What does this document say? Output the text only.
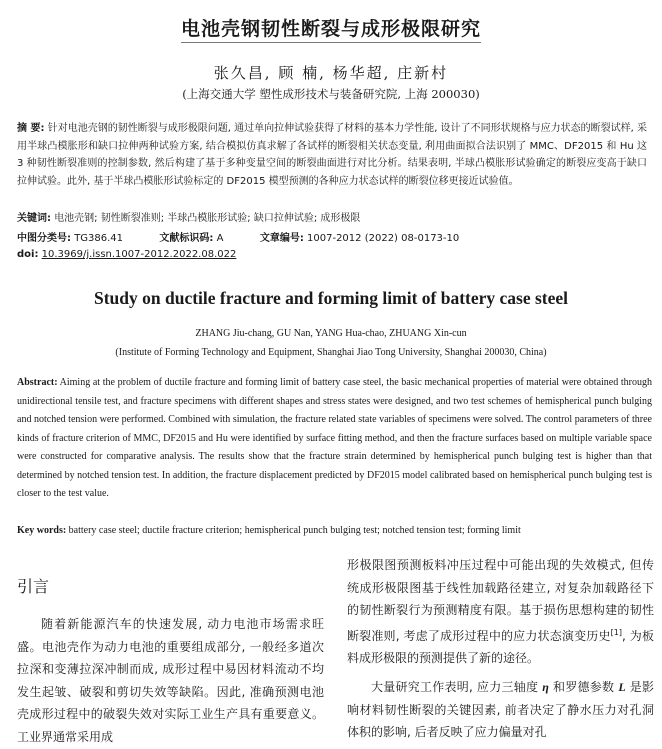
电池壳钢韧性断裂与成形极限研究
张久昌, 顾 楠, 杨华超, 庄新村
(上海交通大学 塑性成形技术与装备研究院, 上海 200030)
摘 要: 针对电池壳钢的韧性断裂与成形极限问题, 通过单向拉伸试验获得了材料的基本力学性能, 设计了不同形状规格与应力状态的断裂试样, 采用半球凸模胀形和缺口拉伸两种试验方案, 结合模拟仿真求解了各试样的断裂相关状态变量, 利用曲面拟合法识别了 MMC、DF2015 和 Hu 这 3 种韧性断裂准则的控制参数, 然后构建了基于多种变量空间的断裂曲面进行对比分析。结果表明, 半球凸模胀形试验确定的断裂应变高于缺口拉伸试验。此外, 基于半球凸模胀形试验标定的 DF2015 模型预测的各种应力状态试样的断裂位移更接近试验值。
关键词: 电池壳钢; 韧性断裂准则; 半球凸模胀形试验; 缺口拉伸试验; 成形极限
中图分类号: TG386.41	文献标识码: A	文章编号: 1007-2012 (2022) 08-0173-10
doi: 10.3969/j.issn.1007-2012.2022.08.022
Study on ductile fracture and forming limit of battery case steel
ZHANG Jiu-chang, GU Nan, YANG Hua-chao, ZHUANG Xin-cun
(Institute of Forming Technology and Equipment, Shanghai Jiao Tong University, Shanghai 200030, China)
Abstract: Aiming at the problem of ductile fracture and forming limit of battery case steel, the basic mechanical properties of material were obtained through unidirectional tensile test, and fracture specimens with different shapes and stress states were designed, and two test schemes of hemispherical punch bulging and notched tension were performed. Combined with simulation, the fracture related state variables of specimens were solved. The control parameters of three kinds of fracture criterion of MMC, DF2015 and Hu were identified by surface fitting method, and then the fracture surfaces based on multiple variable space were constructed for comparative analysis. The results show that the fracture strain determined by hemispherical punch bulging test is higher than that determined by notched tension test. In addition, the fracture displacement predicted by DF2015 model calibrated based on hemispherical punch bulging test is closer to the test value.
Key words: battery case steel; ductile fracture criterion; hemispherical punch bulging test; notched tension test; forming limit
引言

随着新能源汽车的快速发展, 动力电池市场需求旺盛。电池壳作为动力电池的重要组成部分, 一般经多道次拉深和变薄拉深冲制而成, 成形过程中易因材料流动不均发生起皱、破裂和剪切失效等缺陷。因此, 准确预测电池壳成形过程中的破裂失效对实际工业生产具有重要意义。工业界通常采用成

形极限图预测板料冲压过程中可能出现的失效模式, 但传统成形极限图基于线性加载路径建立, 对复杂加载路径下的韧性断裂行为预测精度有限。基于损伤思想构建的韧性断裂准则, 考虑了成形过程中的应力状态演变历史[1], 为板料成形极限的预测提供了新的途径。

大量研究工作表明, 应力三轴度 η 和罗德参数 L 是影响材料韧性断裂的关键因素, 前者决定了静水压力对孔洞体积的影响, 后者反映了应力偏量对孔
